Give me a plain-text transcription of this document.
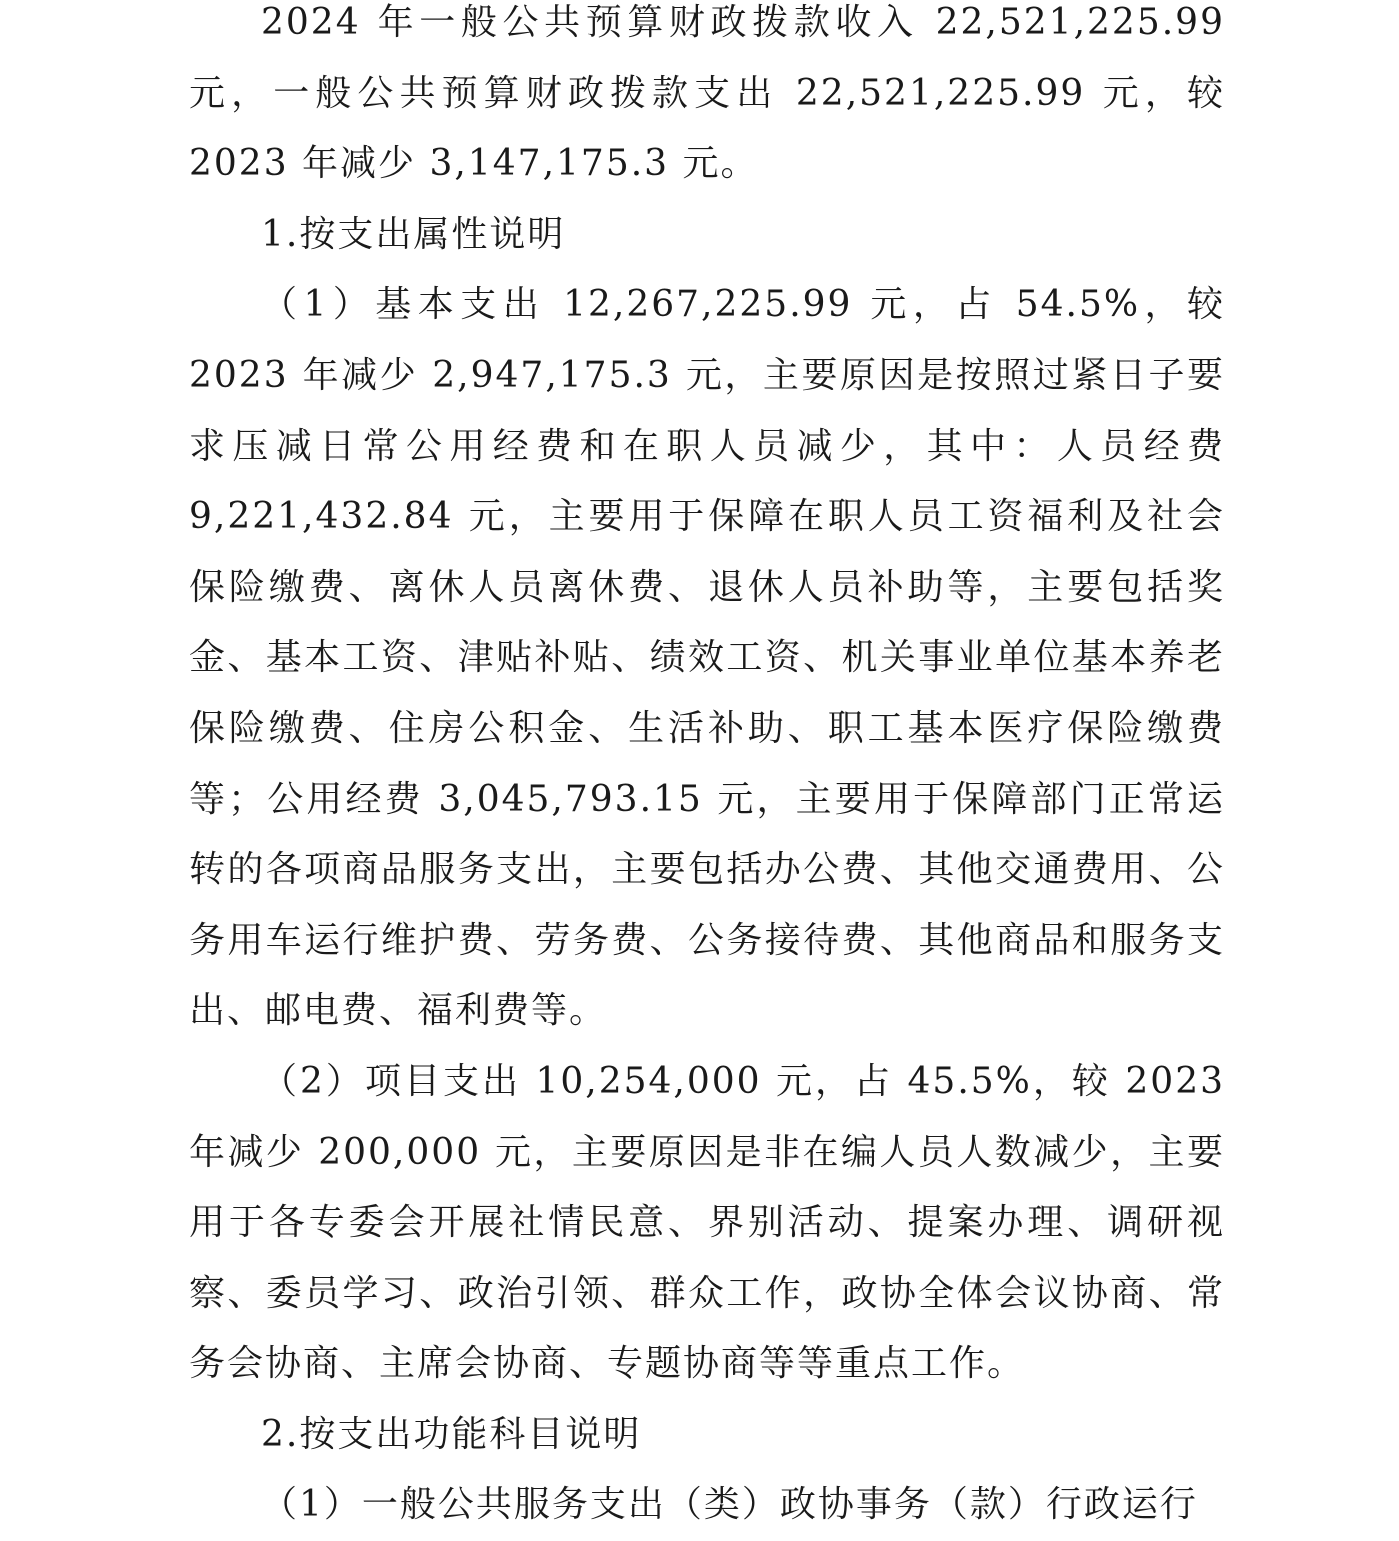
2024 年一般公共预算财政拨款收入 22,521,225.99 元，一般公共预算财政拨款支出 22,521,225.99 元，较 2023 年减少 3,147,175.3 元。

1.按支出属性说明

（1）基本支出 12,267,225.99 元，占 54.5%，较 2023 年减少 2,947,175.3 元，主要原因是按照过紧日子要求压减日常公用经费和在职人员减少，其中：人员经费 9,221,432.84 元，主要用于保障在职人员工资福利及社会保险缴费、离休人员离休费、退休人员补助等，主要包括奖金、基本工资、津贴补贴、绩效工资、机关事业单位基本养老保险缴费、住房公积金、生活补助、职工基本医疗保险缴费等；公用经费 3,045,793.15 元，主要用于保障部门正常运转的各项商品服务支出，主要包括办公费、其他交通费用、公务用车运行维护费、劳务费、公务接待费、其他商品和服务支出、邮电费、福利费等。

（2）项目支出 10,254,000 元，占 45.5%，较 2023 年减少 200,000 元，主要原因是非在编人员人数减少，主要用于各专委会开展社情民意、界别活动、提案办理、调研视察、委员学习、政治引领、群众工作，政协全体会议协商、常务会协商、主席会协商、专题协商等等重点工作。

2.按支出功能科目说明

（1）一般公共服务支出（类）政协事务（款）行政运行
